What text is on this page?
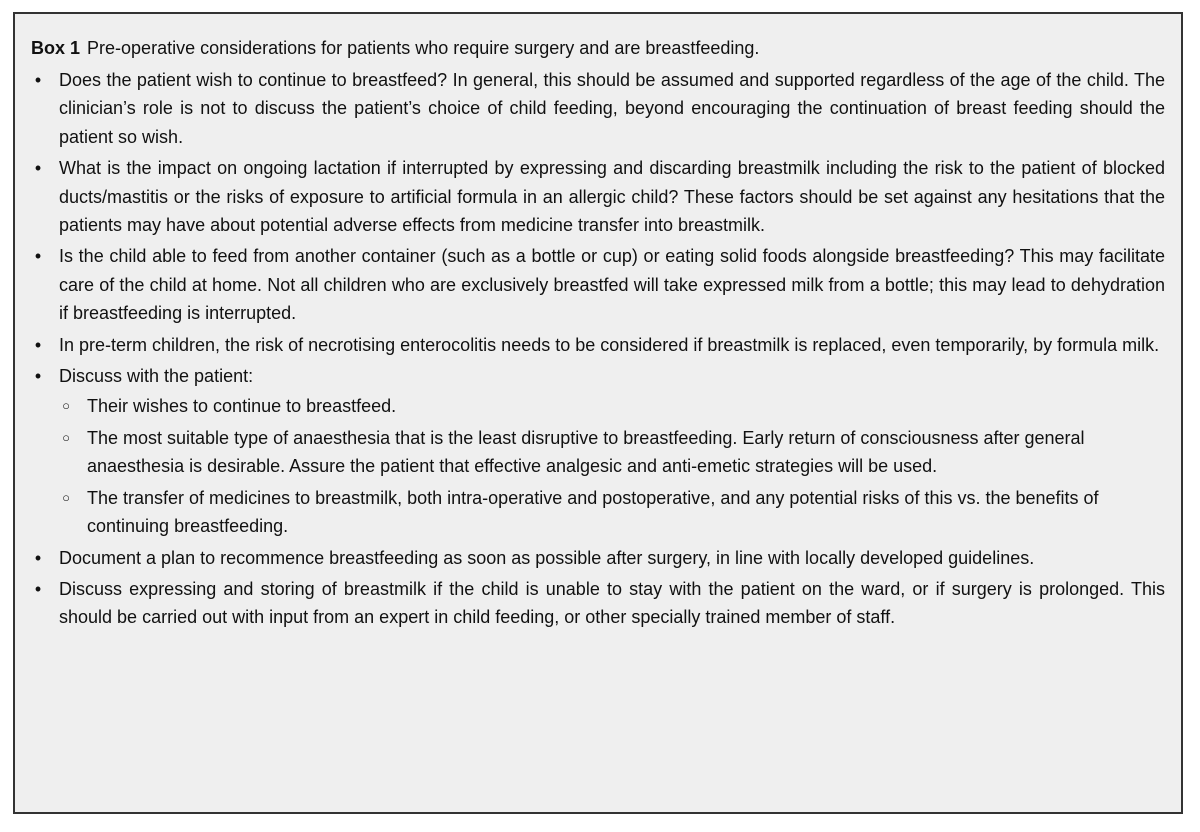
Box 1 Pre-operative considerations for patients who require surgery and are breastfeeding.
• Does the patient wish to continue to breastfeed? In general, this should be assumed and supported regardless of the age of the child. The clinician’s role is not to discuss the patient’s choice of child feeding, beyond encouraging the continuation of breast feeding should the patient so wish.
• What is the impact on ongoing lactation if interrupted by expressing and discarding breastmilk including the risk to the patient of blocked ducts/mastitis or the risks of exposure to artificial formula in an allergic child? These factors should be set against any hesitations that the patients may have about potential adverse effects from medicine transfer into breastmilk.
• Is the child able to feed from another container (such as a bottle or cup) or eating solid foods alongside breastfeeding? This may facilitate care of the child at home. Not all children who are exclusively breastfed will take expressed milk from a bottle; this may lead to dehydration if breastfeeding is interrupted.
• In pre-term children, the risk of necrotising enterocolitis needs to be considered if breastmilk is replaced, even temporarily, by formula milk.
• Discuss with the patient:
○ Their wishes to continue to breastfeed.
○ The most suitable type of anaesthesia that is the least disruptive to breastfeeding. Early return of consciousness after general anaesthesia is desirable. Assure the patient that effective analgesic and anti-emetic strategies will be used.
○ The transfer of medicines to breastmilk, both intra-operative and postoperative, and any potential risks of this vs. the benefits of continuing breastfeeding.
• Document a plan to recommence breastfeeding as soon as possible after surgery, in line with locally developed guidelines.
• Discuss expressing and storing of breastmilk if the child is unable to stay with the patient on the ward, or if surgery is prolonged. This should be carried out with input from an expert in child feeding, or other specially trained member of staff.
